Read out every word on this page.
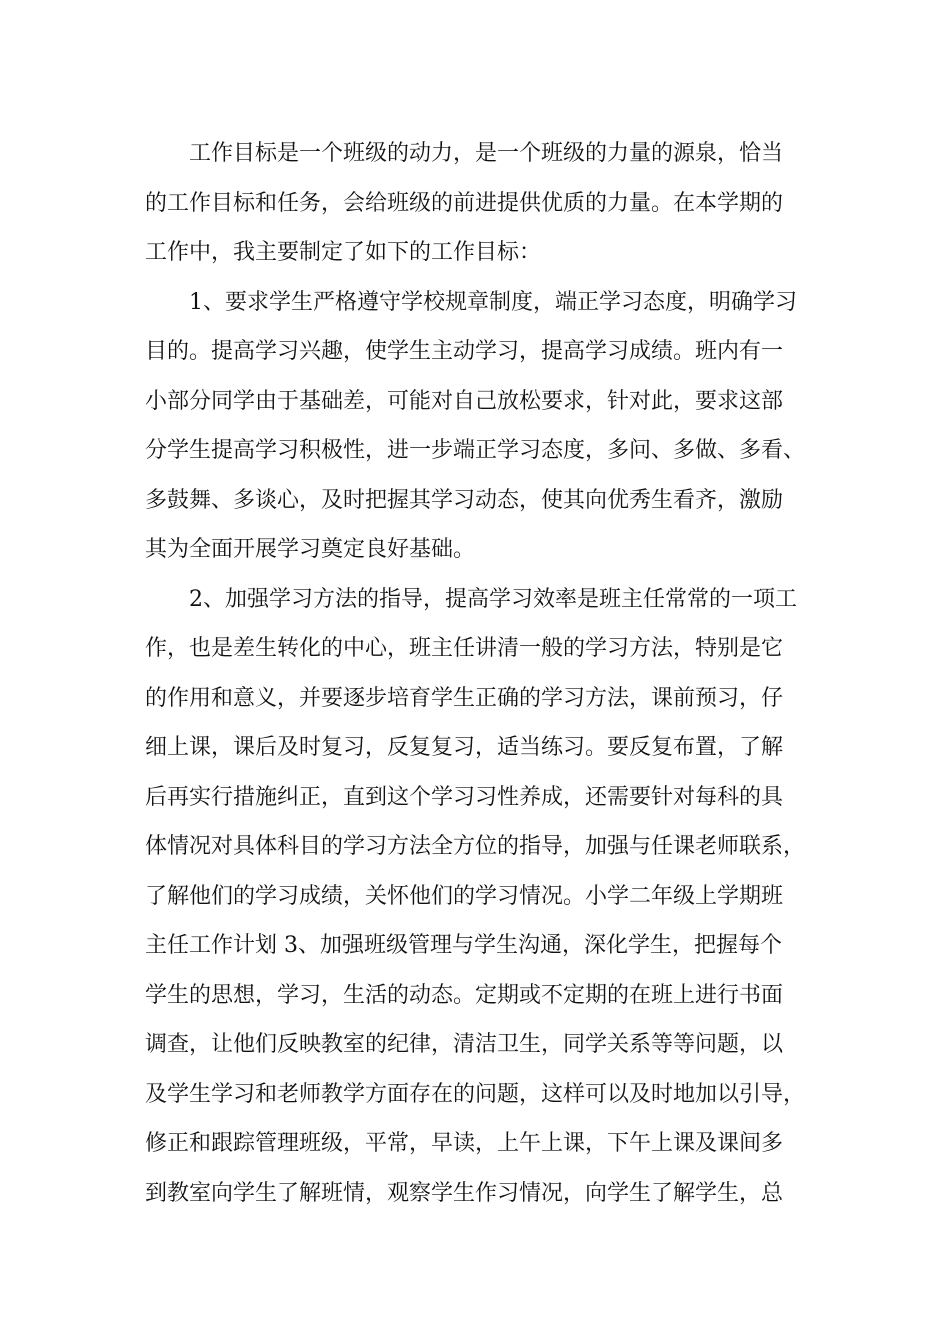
工作目标是一个班级的动力，是一个班级的力量的源泉，恰当
的工作目标和任务，会给班级的前进提供优质的力量。在本学期的
工作中，我主要制定了如下的工作目标：
1、要求学生严格遵守学校规章制度，端正学习态度，明确学习
目的。提高学习兴趣，使学生主动学习，提高学习成绩。班内有一
小部分同学由于基础差，可能对自己放松要求，针对此，要求这部
分学生提高学习积极性，进一步端正学习态度，多问、多做、多看、
多鼓舞、多谈心，及时把握其学习动态，使其向优秀生看齐，激励
其为全面开展学习奠定良好基础。
2、加强学习方法的指导，提高学习效率是班主任常常的一项工
作，也是差生转化的中心，班主任讲清一般的学习方法，特别是它
的作用和意义，并要逐步培育学生正确的学习方法，课前预习，仔
细上课，课后及时复习，反复复习，适当练习。要反复布置，了解
后再实行措施纠正，直到这个学习习性养成，还需要针对每科的具
体情况对具体科目的学习方法全方位的指导，加强与任课老师联系，
了解他们的学习成绩，关怀他们的学习情况。小学二年级上学期班
主任工作计划 3、加强班级管理与学生沟通，深化学生，把握每个
学生的思想，学习，生活的动态。定期或不定期的在班上进行书面
调查，让他们反映教室的纪律，清洁卫生，同学关系等等问题，以
及学生学习和老师教学方面存在的问题，这样可以及时地加以引导，
修正和跟踪管理班级，平常，早读，上午上课，下午上课及课间多
到教室向学生了解班情，观察学生作习情况，向学生了解学生，总
